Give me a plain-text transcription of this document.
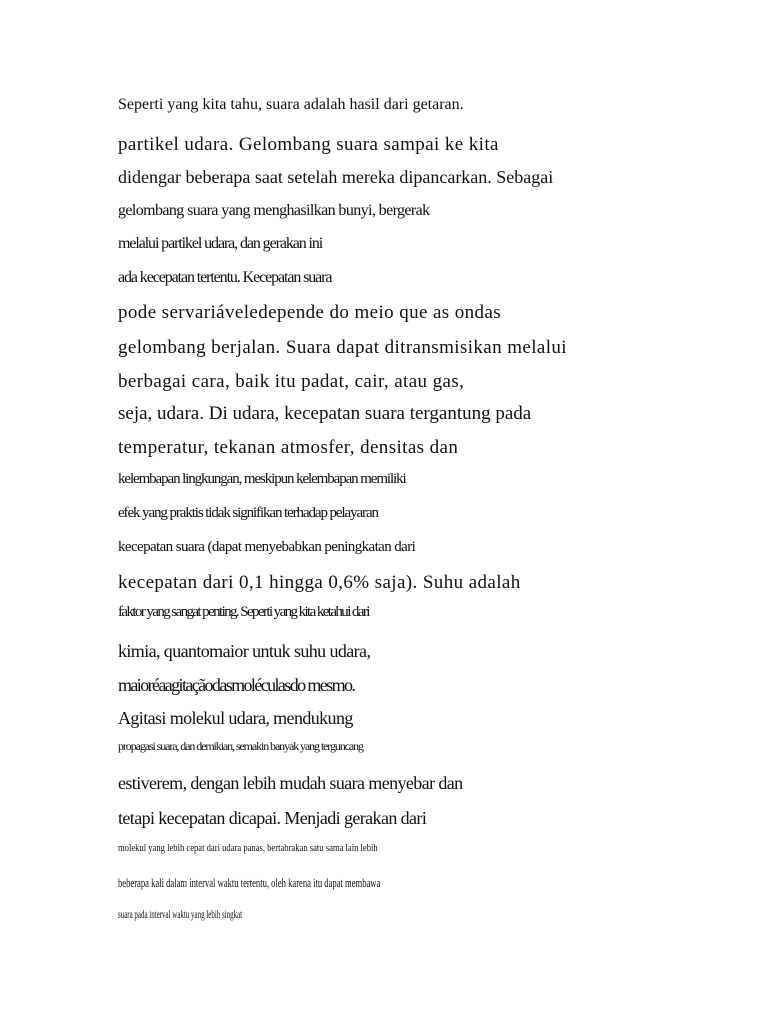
Seperti yang kita tahu, suara adalah hasil dari getaran.

partikel udara. Gelombang suara sampai ke kita

didengar beberapa saat setelah mereka dipancarkan. Sebagai

gelombang suara yang menghasilkan bunyi, bergerak

melalui partikel udara, dan gerakan ini

ada kecepatan tertentu. Kecepatan suara

pode servariáveledepende do meio que as ondas

gelombang berjalan. Suara dapat ditransmisikan melalui

berbagai cara, baik itu padat, cair, atau gas,

seja, udara. Di udara, kecepatan suara tergantung pada

temperatur, tekanan atmosfer, densitas dan

kelembapan lingkungan, meskipun kelembapan memiliki

efek yang praktis tidak signifikan terhadap pelayaran

kecepatan suara (dapat menyebabkan peningkatan dari

kecepatan dari 0,1 hingga 0,6% saja). Suhu adalah

faktor yang sangat penting. Seperti yang kita ketahui dari

kimia, quantomaior untuk suhu udara,

maioréaagitaçãodasmoléculasdo mesmo.

Agitasi molekul udara, mendukung

propagasi suara, dan demikian, semakin banyak yang terguncang

estiverem, dengan lebih mudah suara menyebar dan

tetapi kecepatan dicapai. Menjadi gerakan dari

molekul yang lebih cepat dari udara panas, bertabrakan satu sama lain lebih

beberapa kali dalam interval waktu tertentu, oleh karena itu dapat membawa

suara pada interval waktu yang lebih singkat
